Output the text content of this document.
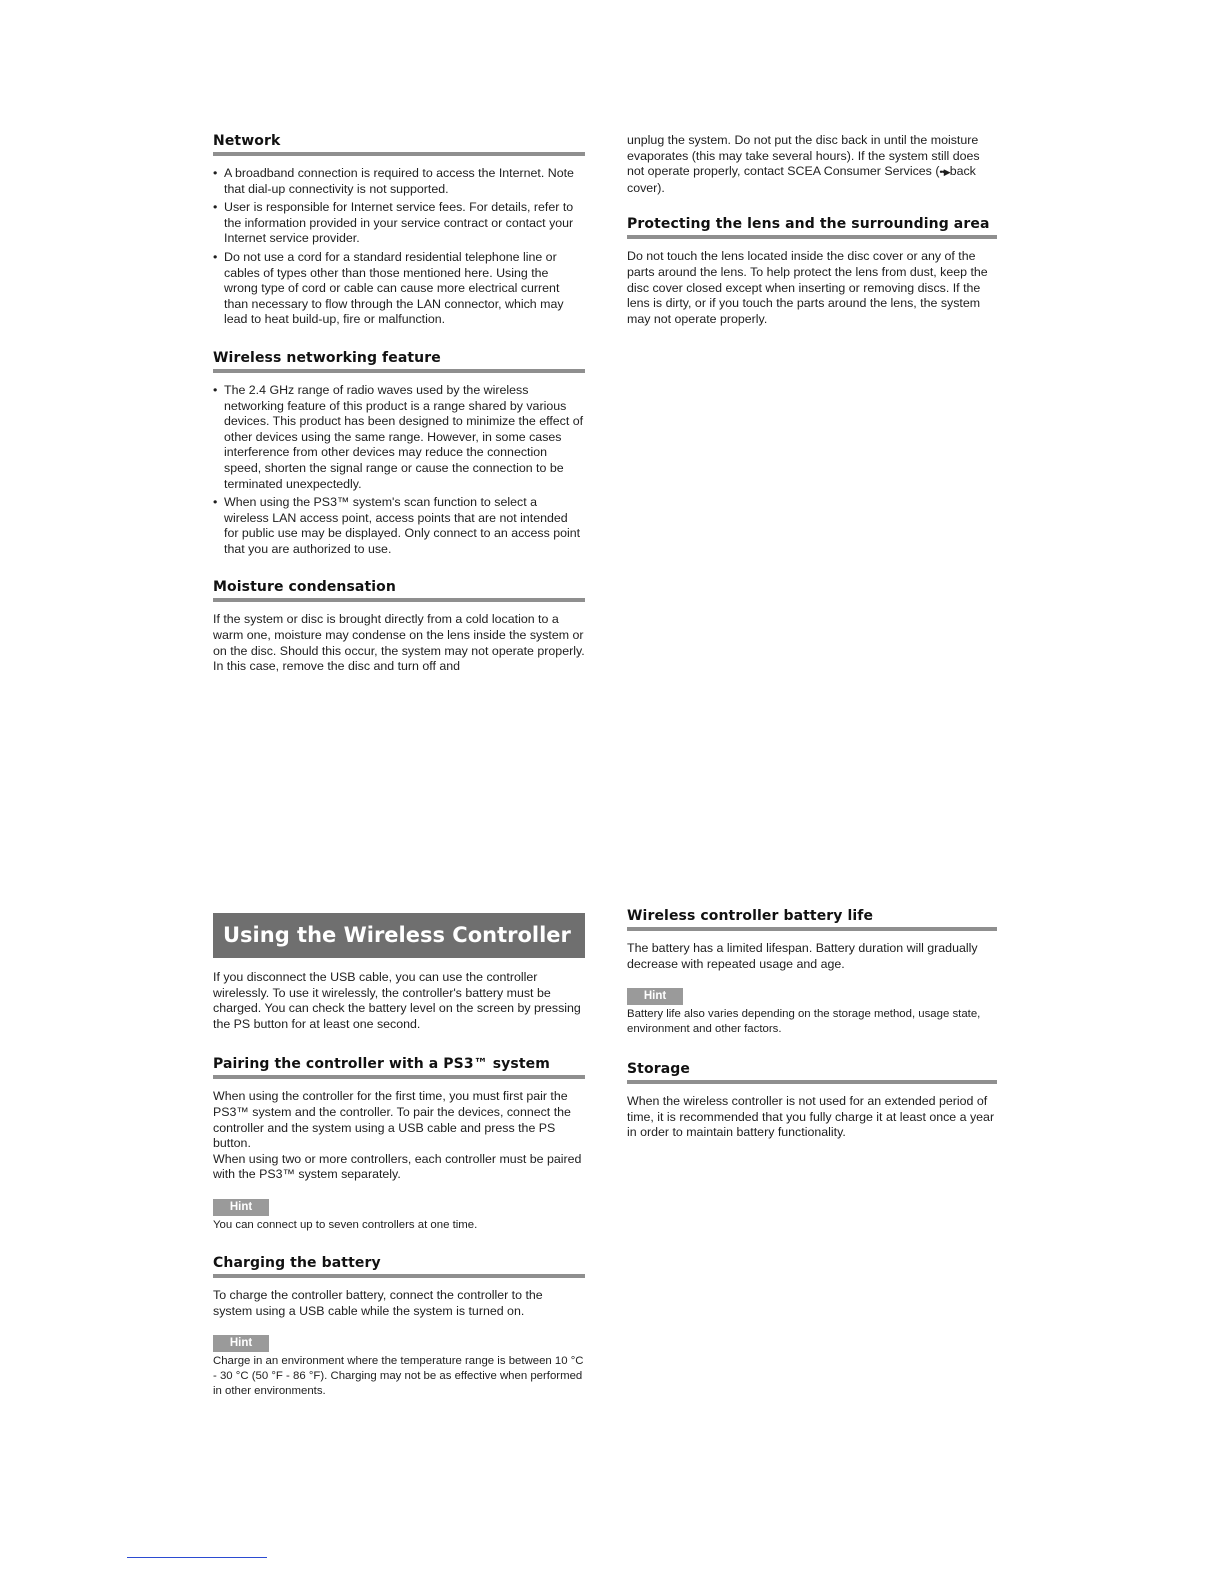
Network
• A broadband connection is required to access the Internet. Note that dial-up connectivity is not supported.
• User is responsible for Internet service fees. For details, refer to the information provided in your service contract or contact your Internet service provider.
• Do not use a cord for a standard residential telephone line or cables of types other than those mentioned here. Using the wrong type of cord or cable can cause more electrical current than necessary to flow through the LAN connector, which may lead to heat build-up, fire or malfunction.
Wireless networking feature
• The 2.4 GHz range of radio waves used by the wireless networking feature of this product is a range shared by various devices. This product has been designed to minimize the effect of other devices using the same range. However, in some cases interference from other devices may reduce the connection speed, shorten the signal range or cause the connection to be terminated unexpectedly.
• When using the PS3™ system's scan function to select a wireless LAN access point, access points that are not intended for public use may be displayed. Only connect to an access point that you are authorized to use.
Moisture condensation

If the system or disc is brought directly from a cold location to a warm one, moisture may condense on the lens inside the system or on the disc. Should this occur, the system may not operate properly. In this case, remove the disc and turn off and

unplug the system. Do not put the disc back in until the moisture evaporates (this may take several hours). If the system still does not operate properly, contact SCEA Consumer Services (••▶back cover).

Protecting the lens and the surrounding area

Do not touch the lens located inside the disc cover or any of the parts around the lens. To help protect the lens from dust, keep the disc cover closed except when inserting or removing discs. If the lens is dirty, or if you touch the parts around the lens, the system may not operate properly.

Using the Wireless Controller

If you disconnect the USB cable, you can use the controller wirelessly. To use it wirelessly, the controller's battery must be charged. You can check the battery level on the screen by pressing the PS button for at least one second.

Pairing the controller with a PS3™ system

When using the controller for the first time, you must first pair the PS3™ system and the controller. To pair the devices, connect the controller and the system using a USB cable and press the PS button.

When using two or more controllers, each controller must be paired with the PS3™ system separately.

Hint

You can connect up to seven controllers at one time.

Charging the battery

To charge the controller battery, connect the controller to the system using a USB cable while the system is turned on.

Hint

Charge in an environment where the temperature range is between 10 °C - 30 °C (50 °F - 86 °F). Charging may not be as effective when performed in other environments.

Wireless controller battery life

The battery has a limited lifespan. Battery duration will gradually decrease with repeated usage and age.

Hint

Battery life also varies depending on the storage method, usage state, environment and other factors.

Storage

When the wireless controller is not used for an extended period of time, it is recommended that you fully charge it at least once a year in order to maintain battery functionality.
